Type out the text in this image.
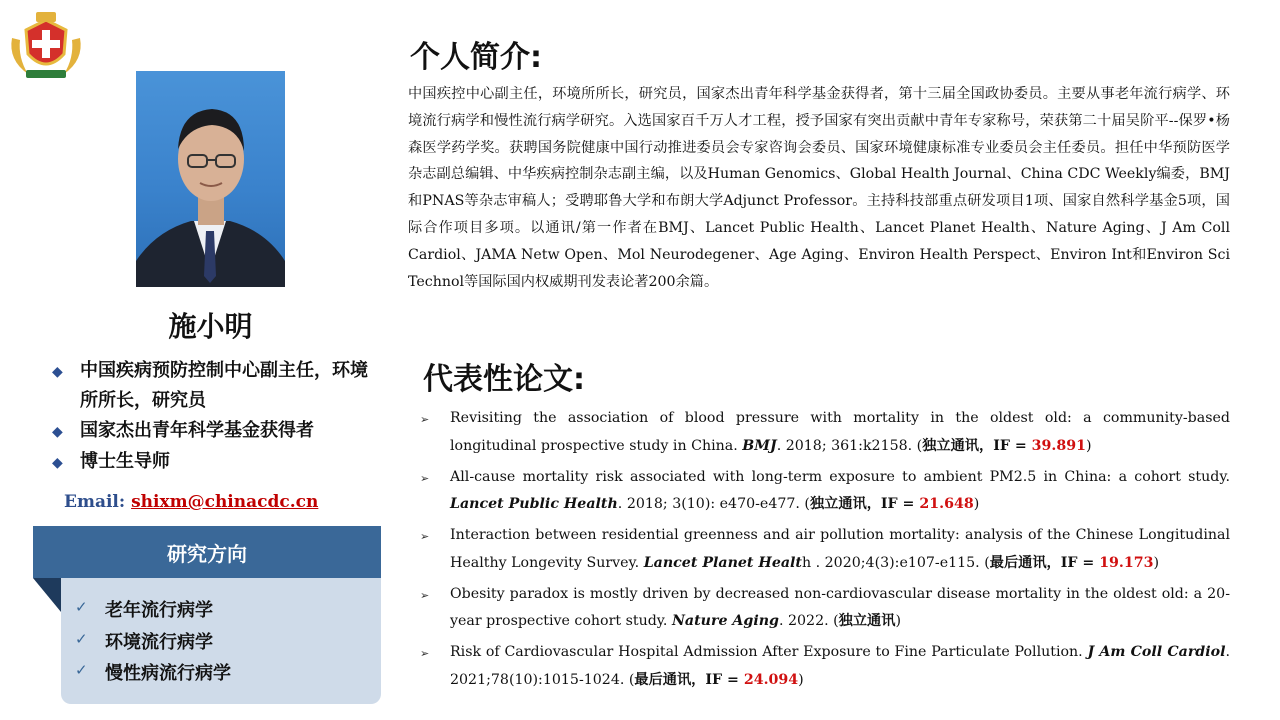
施小明
◆ 中国疾病预防控制中心副主任，环境所所长，研究员
◆ 国家杰出青年科学基金获得者
◆ 博士生导师
Email: shixm@chinacdc.cn
研究方向
✓ 老年流行病学
✓ 环境流行病学
✓ 慢性病流行病学
个人简介:
中国疾控中心副主任，环境所所长，研究员，国家杰出青年科学基金获得者，第十三届全国政协委员。主要从事老年流行病学、环境流行病学和慢性流行病学研究。入选国家百千万人才工程，授予国家有突出贡献中青年专家称号，荣获第二十届吴阶平--保罗•杨森医学药学奖。获聘国务院健康中国行动推进委员会专家咨询会委员、国家环境健康标准专业委员会主任委员。担任中华预防医学杂志副总编辑、中华疾病控制杂志副主编，以及Human Genomics、Global Health Journal、China CDC Weekly编委，BMJ和PNAS等杂志审稿人；受聘耶鲁大学和布朗大学Adjunct Professor。主持科技部重点研发项目1项、国家自然科学基金5项，国际合作项目多项。以通讯/第一作者在BMJ、Lancet Public Health、Lancet Planet Health、Nature Aging、J Am Coll Cardiol、JAMA Netw Open、Mol Neurodegener、Age Aging、Environ Health Perspect、Environ Int和Environ Sci Technol等国际国内权威期刊发表论著200余篇。
代表性论文:
➢	Revisiting the association of blood pressure with mortality in the oldest old: a community-based longitudinal prospective study in China. BMJ. 2018; 361:k2158. (独立通讯，IF = 39.891)
➢	All-cause mortality risk associated with long-term exposure to ambient PM2.5 in China: a cohort study. Lancet Public Health. 2018; 3(10): e470-e477. (独立通讯，IF = 21.648)
➢	Interaction between residential greenness and air pollution mortality: analysis of the Chinese Longitudinal Healthy Longevity Survey. Lancet Planet Health . 2020;4(3):e107-e115. (最后通讯，IF = 19.173)
➢	Obesity paradox is mostly driven by decreased non-cardiovascular disease mortality in the oldest old: a 20-year prospective cohort study. Nature Aging. 2022. (独立通讯)
➢	Risk of Cardiovascular Hospital Admission After Exposure to Fine Particulate Pollution. J Am Coll Cardiol. 2021;78(10):1015-1024. (最后通讯，IF = 24.094)
